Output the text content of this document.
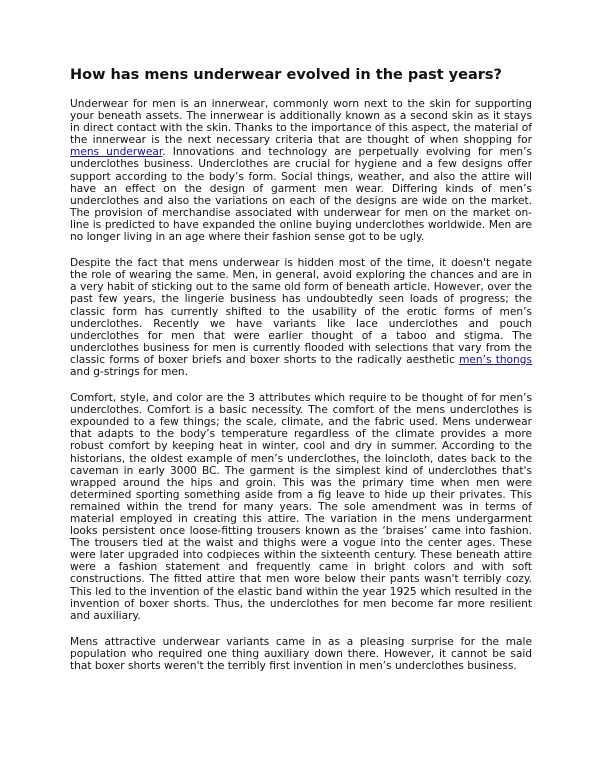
How has mens underwear evolved in the past years?

Underwear for men is an innerwear, commonly worn next to the skin for supporting your beneath assets. The innerwear is additionally known as a second skin as it stays in direct contact with the skin. Thanks to the importance of this aspect, the material of the innerwear is the next necessary criteria that are thought of when shopping for mens underwear. Innovations and technology are perpetually evolving for men’s underclothes business. Underclothes are crucial for hygiene and a few designs offer support according to the body’s form. Social things, weather, and also the attire will have an effect on the design of garment men wear. Differing kinds of men’s underclothes and also the variations on each of the designs are wide on the market. The provision of merchandise associated with underwear for men on the market on-line is predicted to have expanded the online buying underclothes worldwide. Men are no longer living in an age where their fashion sense got to be ugly.

Despite the fact that mens underwear is hidden most of the time, it doesn't negate the role of wearing the same. Men, in general, avoid exploring the chances and are in a very habit of sticking out to the same old form of beneath article. However, over the past few years, the lingerie business has undoubtedly seen loads of progress; the classic form has currently shifted to the usability of the erotic forms of men’s underclothes. Recently we have variants like lace underclothes and pouch underclothes for men that were earlier thought of a taboo and stigma. The underclothes business for men is currently flooded with selections that vary from the classic forms of boxer briefs and boxer shorts to the radically aesthetic men’s thongs and g-strings for men.

Comfort, style, and color are the 3 attributes which require to be thought of for men’s underclothes. Comfort is a basic necessity. The comfort of the mens underclothes is expounded to a few things; the scale, climate, and the fabric used. Mens underwear that adapts to the body’s temperature regardless of the climate provides a more robust comfort by keeping heat in winter, cool and dry in summer. According to the historians, the oldest example of men’s underclothes, the loincloth, dates back to the caveman in early 3000 BC. The garment is the simplest kind of underclothes that's wrapped around the hips and groin. This was the primary time when men were determined sporting something aside from a fig leave to hide up their privates. This remained within the trend for many years. The sole amendment was in terms of material employed in creating this attire. The variation in the mens undergarment looks persistent once loose-fitting trousers known as the ‘braises’ came into fashion. The trousers tied at the waist and thighs were a vogue into the center ages. These were later upgraded into codpieces within the sixteenth century. These beneath attire were a fashion statement and frequently came in bright colors and with soft constructions. The fitted attire that men wore below their pants wasn't terribly cozy. This led to the invention of the elastic band within the year 1925 which resulted in the invention of boxer shorts. Thus, the underclothes for men become far more resilient and auxiliary.

Mens attractive underwear variants came in as a pleasing surprise for the male population who required one thing auxiliary down there. However, it cannot be said that boxer shorts weren't the terribly first invention in men’s underclothes business.
